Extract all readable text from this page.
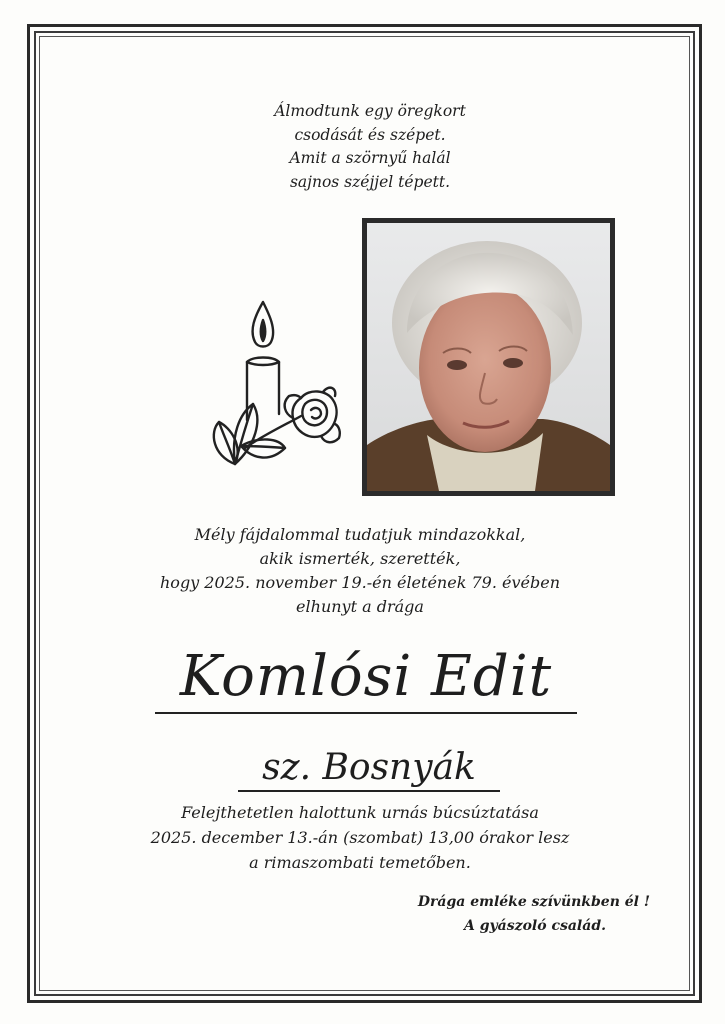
Álmodtunk egy öregkort
csodását és szépet.
Amit a szörnyű halál
sajnos széjjel tépett.
Mély fájdalommal tudatjuk mindazokkal,
akik ismerték, szerették,
hogy 2025. november 19.-én életének 79. évében
elhunyt a drága
Komlósi Edit
sz. Bosnyák
Felejthetetlen halottunk urnás búcsúztatása
2025. december 13.-án (szombat) 13,00 órakor lesz
a rimaszombati temetőben.
Drága emléke szívünkben él !
A gyászoló család.
